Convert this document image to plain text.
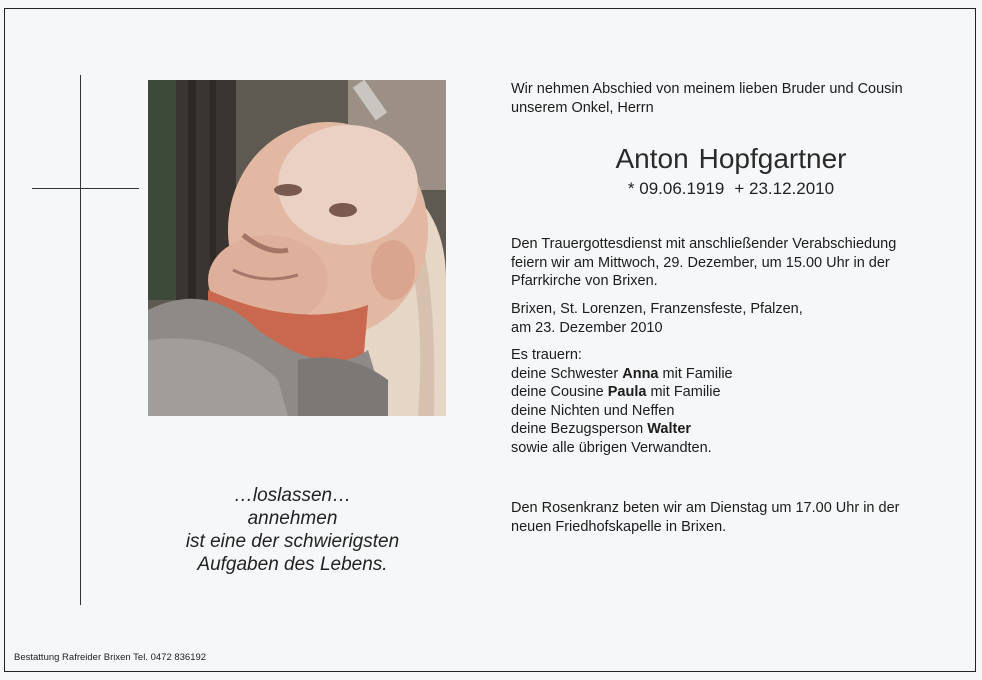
…loslassen…
annehmen
ist eine der schwierigsten
Aufgaben des Lebens.
Wir nehmen Abschied von meinem lieben Bruder und Cousin
unserem Onkel, Herrn
Anton Hopfgartner
* 09.06.1919 + 23.12.2010
Den Trauergottesdienst mit anschließender Verabschiedung
feiern wir am Mittwoch, 29. Dezember, um 15.00 Uhr in der
Pfarrkirche von Brixen.
Brixen, St. Lorenzen, Franzensfeste, Pfalzen,
am 23. Dezember 2010
Es trauern:
deine Schwester Anna mit Familie
deine Cousine Paula mit Familie
deine Nichten und Neffen
deine Bezugsperson Walter
sowie alle übrigen Verwandten.
Den Rosenkranz beten wir am Dienstag um 17.00 Uhr in der
neuen Friedhofskapelle in Brixen.
Bestattung Rafreider Brixen Tel. 0472 836192
